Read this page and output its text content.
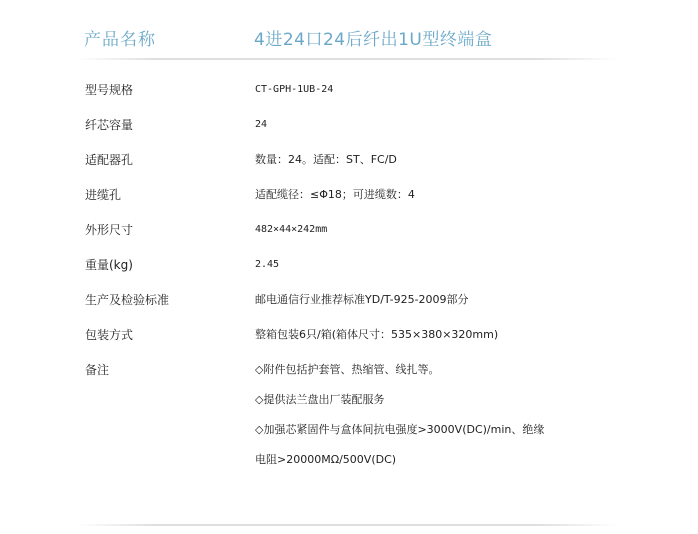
产品名称	4进24口24后纤出1U型终端盒
型号规格	CT-GPH-1UB-24
纤芯容量	24
适配器孔	数量：24。适配：ST、FC/D
进缆孔	适配缆径：≤Φ18；可进缆数：4
外形尺寸	482×44×242mm
重量(kg)	2.45
生产及检验标准	邮电通信行业推荐标准YD/T-925-2009部分
包装方式	整箱包装6只/箱(箱体尺寸：535×380×320mm)
备注	◇附件包括护套管、热缩管、线扎等。
◇提供法兰盘出厂装配服务
◇加强芯紧固件与盒体间抗电强度>3000V(DC)/min、绝缘
电阻>20000MΩ/500V(DC)
